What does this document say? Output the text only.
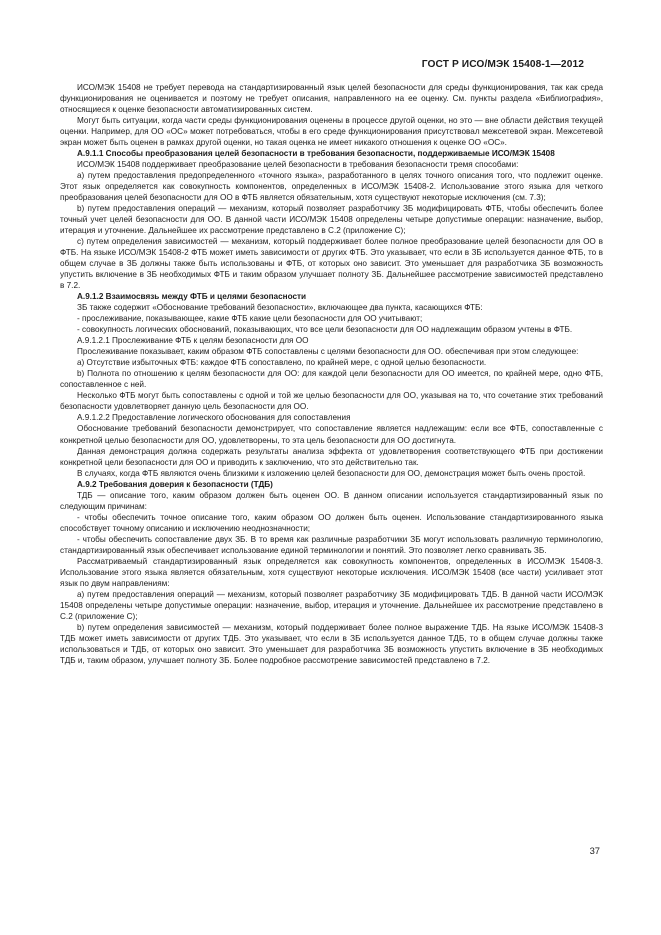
ГОСТ Р ИСО/МЭК 15408-1—2012

ИСО/МЭК 15408 не требует перевода на стандартизированный язык целей безопасности для среды функционирования, так как среда функционирования не оценивается и поэтому не требует описания, направленного на ее оценку. См. пункты раздела «Библиография», относящиеся к оценке безопасности автоматизированных систем.

Могут быть ситуации, когда части среды функционирования оценены в процессе другой оценки, но это — вне области действия текущей оценки. Например, для ОО «ОС» может потребоваться, чтобы в его среде функционирования присутствовал межсетевой экран. Межсетевой экран может быть оценен в рамках другой оценки, но такая оценка не имеет никакого отношения к оценке ОО «ОС».

А.9.1.1 Способы преобразования целей безопасности в требования безопасности, поддерживаемые ИСО/МЭК 15408

ИСО/МЭК 15408 поддерживает преобразование целей безопасности в требования безопасности тремя способами:

а) путем предоставления предопределенного «точного языка», разработанного в целях точного описания того, что подлежит оценке. Этот язык определяется как совокупность компонентов, определенных в ИСО/МЭК 15408-2. Использование этого языка для четкого преобразования целей безопасности для ОО в ФТБ является обязательным, хотя существуют некоторые исключения (см. 7.3);

b) путем предоставления операций — механизм, который позволяет разработчику ЗБ модифицировать ФТБ, чтобы обеспечить более точный учет целей безопасности для ОО. В данной части ИСО/МЭК 15408 определены четыре допустимые операции: назначение, выбор, итерация и уточнение. Дальнейшее их рассмотрение представлено в С.2 (приложение С);

с) путем определения зависимостей — механизм, который поддерживает более полное преобразование целей безопасности для ОО в ФТБ. На языке ИСО/МЭК 15408-2 ФТБ может иметь зависимости от других ФТБ. Это указывает, что если в ЗБ используется данное ФТБ, то в общем случае в ЗБ должны также быть использованы и ФТБ, от которых оно зависит. Это уменьшает для разработчика ЗБ возможность упустить включение в ЗБ необходимых ФТБ и таким образом улучшает полноту ЗБ. Дальнейшее рассмотрение зависимостей представлено в 7.2.

А.9.1.2 Взаимосвязь между ФТБ и целями безопасности

ЗБ также содержит «Обоснование требований безопасности», включающее два пункта, касающихся ФТБ:

- прослеживание, показывающее, какие ФТБ какие цели безопасности для ОО учитывают;

- совокупность логических обоснований, показывающих, что все цели безопасности для ОО надлежащим образом учтены в ФТБ.

А.9.1.2.1 Прослеживание ФТБ к целям безопасности для ОО

Прослеживание показывает, каким образом ФТБ сопоставлены с целями безопасности для ОО. обеспечивая при этом следующее:

а) Отсутствие избыточных ФТБ: каждое ФТБ сопоставлено, по крайней мере, с одной целью безопасности.

b) Полнота по отношению к целям безопасности для ОО: для каждой цели безопасности для ОО имеется, по крайней мере, одно ФТБ, сопоставленное с ней.

Несколько ФТБ могут быть сопоставлены с одной и той же целью безопасности для ОО, указывая на то, что сочетание этих требований безопасности удовлетворяет данную цель безопасности для ОО.

А.9.1.2.2 Предоставление логического обоснования для сопоставления

Обоснование требований безопасности демонстрирует, что сопоставление является надлежащим: если все ФТБ, сопоставленные с конкретной целью безопасности для ОО, удовлетворены, то эта цель безопасности для ОО достигнута.

Данная демонстрация должна содержать результаты анализа эффекта от удовлетворения соответствующего ФТБ при достижении конкретной цели безопасности для ОО и приводить к заключению, что это действительно так.

В случаях, когда ФТБ являются очень близкими к изложению целей безопасности для ОО, демонстрация может быть очень простой.

А.9.2 Требования доверия к безопасности (ТДБ)

ТДБ — описание того, каким образом должен быть оценен ОО. В данном описании используется стандартизированный язык по следующим причинам:

- чтобы обеспечить точное описание того, каким образом ОО должен быть оценен. Использование стандартизированного языка способствует точному описанию и исключению неоднозначности;

- чтобы обеспечить сопоставление двух ЗБ. В то время как различные разработчики ЗБ могут использовать различную терминологию, стандартизированный язык обеспечивает использование единой терминологии и понятий. Это позволяет легко сравнивать ЗБ.

Рассматриваемый стандартизированный язык определяется как совокупность компонентов, определенных в ИСО/МЭК 15408-3. Использование этого языка является обязательным, хотя существуют некоторые исключения. ИСО/МЭК 15408 (все части) усиливает этот язык по двум направлениям:

а) путем предоставления операций — механизм, который позволяет разработчику ЗБ модифицировать ТДБ. В данной части ИСО/МЭК 15408 определены четыре допустимые операции: назначение, выбор, итерация и уточнение. Дальнейшее их рассмотрение представлено в С.2 (приложение С);

b) путем определения зависимостей — механизм, который поддерживает более полное выражение ТДБ. На языке ИСО/МЭК 15408-3 ТДБ может иметь зависимости от других ТДБ. Это указывает, что если в ЗБ используется данное ТДБ, то в общем случае должны также использоваться и ТДБ, от которых оно зависит. Это уменьшает для разработчика ЗБ возможность упустить включение в ЗБ необходимых ТДБ и, таким образом, улучшает полноту ЗБ. Более подробное рассмотрение зависимостей представлено в 7.2.

37
